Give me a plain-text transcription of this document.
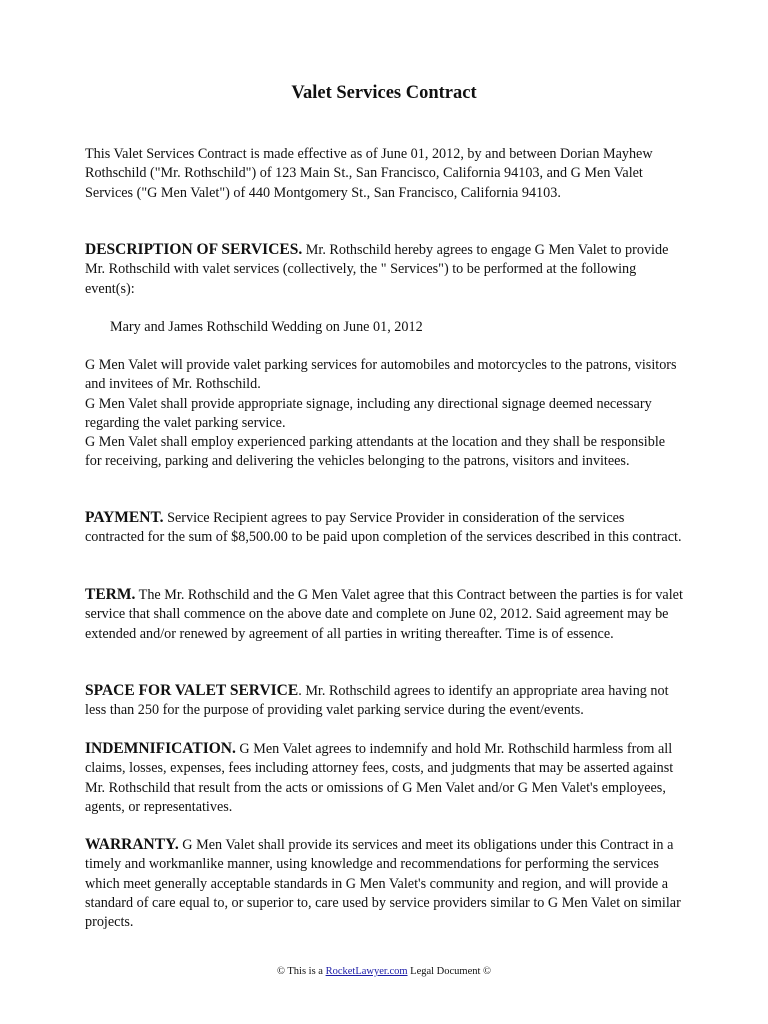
Valet Services Contract

This Valet Services Contract is made effective as of June 01, 2012, by and between Dorian Mayhew Rothschild ("Mr. Rothschild") of 123 Main St., San Francisco, California 94103, and G Men Valet Services ("G Men Valet") of 440 Montgomery St., San Francisco, California 94103.

DESCRIPTION OF SERVICES. Mr. Rothschild hereby agrees to engage G Men Valet to provide Mr. Rothschild with valet services (collectively, the " Services") to be performed at the following event(s):

Mary and James Rothschild Wedding on June 01, 2012

G Men Valet will provide valet parking services for automobiles and motorcycles to the patrons, visitors and invitees of Mr. Rothschild.
G Men Valet shall provide appropriate signage, including any directional signage deemed necessary regarding the valet parking service.
G Men Valet shall employ experienced parking attendants at the location and they shall be responsible for receiving, parking and delivering the vehicles belonging to the patrons, visitors and invitees.

PAYMENT. Service Recipient agrees to pay Service Provider in consideration of the services contracted for the sum of $8,500.00 to be paid upon completion of the services described in this contract.

TERM. The Mr. Rothschild and the G Men Valet agree that this Contract between the parties is for valet service that shall commence on the above date and complete on June 02, 2012. Said agreement may be extended and/or renewed by agreement of all parties in writing thereafter. Time is of essence.

SPACE FOR VALET SERVICE. Mr. Rothschild agrees to identify an appropriate area having not less than 250 for the purpose of providing valet parking service during the event/events.

INDEMNIFICATION. G Men Valet agrees to indemnify and hold Mr. Rothschild harmless from all claims, losses, expenses, fees including attorney fees, costs, and judgments that may be asserted against Mr. Rothschild that result from the acts or omissions of G Men Valet and/or G Men Valet's employees, agents, or representatives.

WARRANTY. G Men Valet shall provide its services and meet its obligations under this Contract in a timely and workmanlike manner, using knowledge and recommendations for performing the services which meet generally acceptable standards in G Men Valet's community and region, and will provide a standard of care equal to, or superior to, care used by service providers similar to G Men Valet on similar projects.

© This is a RocketLawyer.com Legal Document ©
